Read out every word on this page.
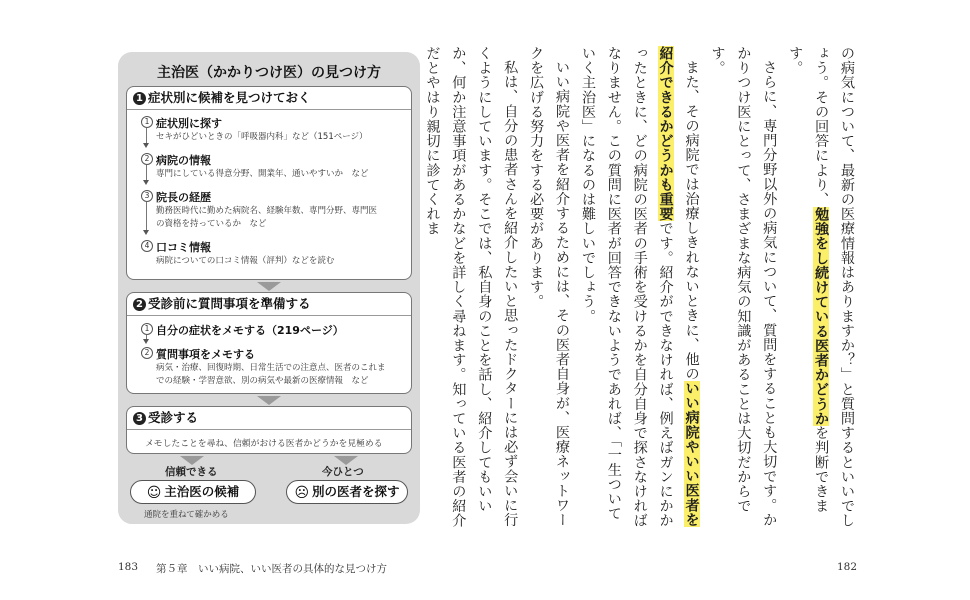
主治医（かかりつけ医）の見つけ方
1 症状別に候補を見つけておく
1 症状別に探す
セキがひどいときの「呼吸器内科」など（151ページ）
2 病院の情報
専門にしている得意分野、開業年、通いやすいか　など
3 院長の経歴
勤務医時代に勤めた病院名、経験年数、専門分野、専門医
の資格を持っているか　など
4 口コミ情報
病院についての口コミ情報（評判）などを読む
2 受診前に質問事項を準備する
1 自分の症状をメモする（219ページ）
2 質問事項をメモする
病気・治療、回復時期、日常生活での注意点、医者のこれま
での経験・学習意欲、別の病気や最新の医療情報　など
3 受診する
メモしたことを尋ね、信頼がおける医者かどうかを見極める
信頼できる	今ひとつ
☺ 主治医の候補	☹ 別の医者を探す
通院を重ねて確かめる	の病気について、最新の医療情報はありますか？」と質問するといいでしょう。その回答により、勉強をし続けている医者かどうかを判断できます。

さらに、専門分野以外の病気について、質問をすることも大切です。かかりつけ医にとって、さまざまな病気の知識があることは大切だからです。

また、その病院では治療しきれないときに、他のいい病院やいい医者を紹介できるかどうかも重要です。紹介ができなければ、例えばガンにかかったときに、どの病院の医者の手術を受けるかを自分自身で探さなければなりません。この質問に医者が回答できないようであれば、「一生ついていく主治医」になるのは難しいでしょう。

いい病院や医者を紹介するためには、その医者自身が、医療ネットワークを広げる努力をする必要があります。

私は、自分の患者さんを紹介したいと思ったドクターには必ず会いに行くようにしています。そこでは、私自身のことを話し、紹介してもいいか、何か注意事項があるかなどを詳しく尋ねます。知っている医者の紹介だとやはり親切に診てくれま

183 第５章　いい病院、いい医者の具体的な見つけ方	182
